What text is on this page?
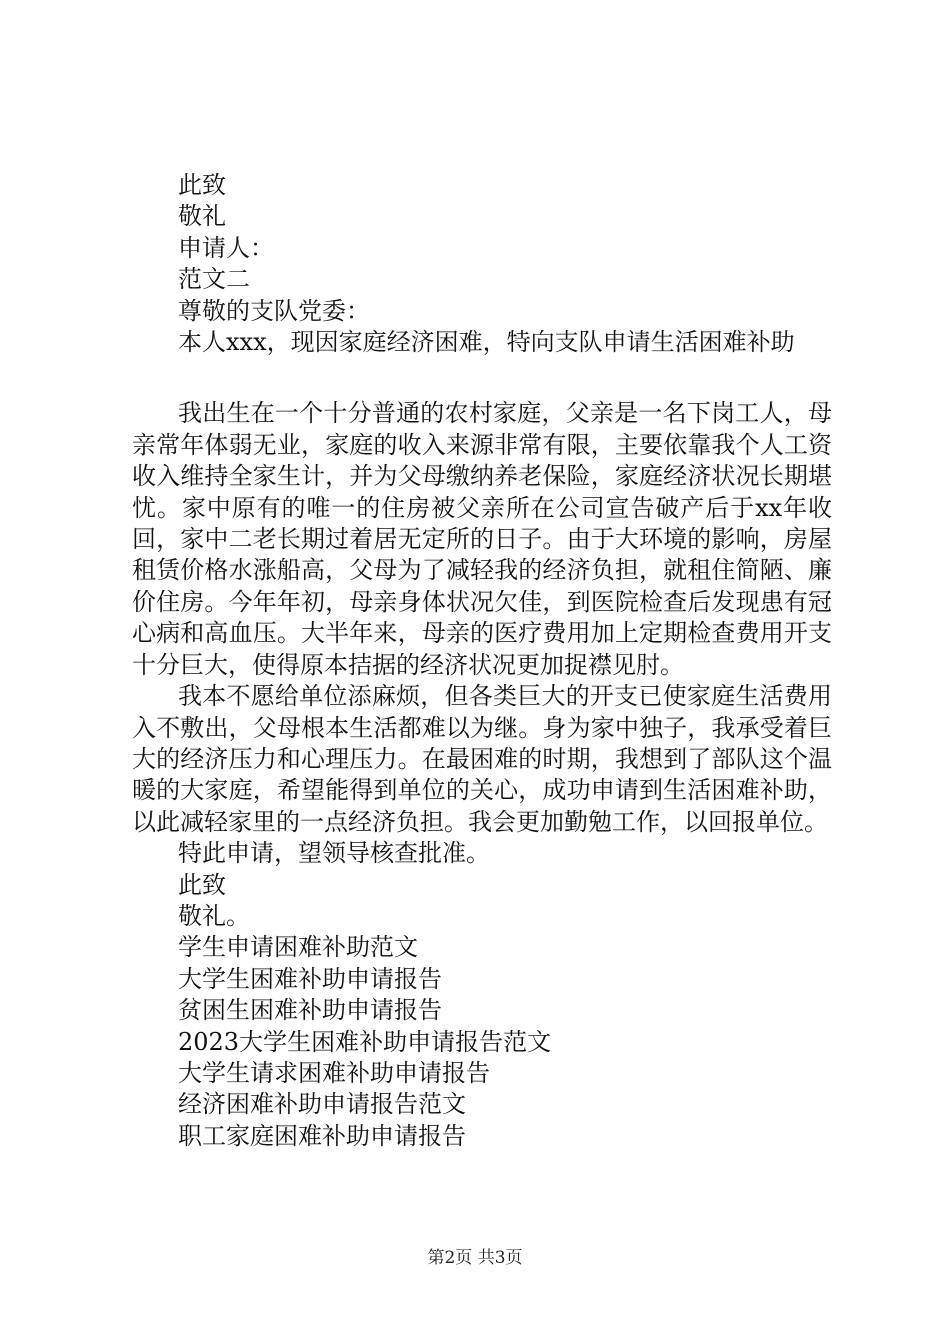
此致
敬礼
申请人：
范文二
尊敬的支队党委：
本人xxx，现因家庭经济困难，特向支队申请生活困难补助

我出生在一个十分普通的农村家庭，父亲是一名下岗工人，母亲常年体弱无业，家庭的收入来源非常有限，主要依靠我个人工资收入维持全家生计，并为父母缴纳养老保险，家庭经济状况长期堪忧。家中原有的唯一的住房被父亲所在公司宣告破产后于xx年收回，家中二老长期过着居无定所的日子。由于大环境的影响，房屋租赁价格水涨船高，父母为了减轻我的经济负担，就租住简陋、廉价住房。今年年初，母亲身体状况欠佳，到医院检查后发现患有冠心病和高血压。大半年来，母亲的医疗费用加上定期检查费用开支十分巨大，使得原本拮据的经济状况更加捉襟见肘。

我本不愿给单位添麻烦，但各类巨大的开支已使家庭生活费用入不敷出，父母根本生活都难以为继。身为家中独子，我承受着巨大的经济压力和心理压力。在最困难的时期，我想到了部队这个温暖的大家庭，希望能得到单位的关心，成功申请到生活困难补助，以此减轻家里的一点经济负担。我会更加勤勉工作，以回报单位。

特此申请，望领导核查批准。
此致
敬礼。
学生申请困难补助范文
大学生困难补助申请报告
贫困生困难补助申请报告
2023大学生困难补助申请报告范文
大学生请求困难补助申请报告
经济困难补助申请报告范文
职工家庭困难补助申请报告
第2页 共3页
